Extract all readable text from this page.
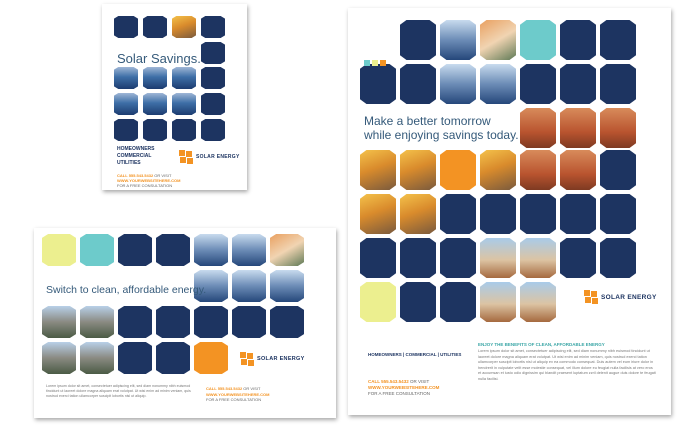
Solar Savings.
HOMEOWNERS
COMMERCIAL
UTILITIES
SOLAR ENERGY
CALL 555.543.5432 OR VISIT
WWW.YOURWEBSITEHERE.COM
FOR A FREE CONSULTATION
Switch to clean, affordable energy.
SOLAR ENERGY
Lorem ipsum dolor sit amet, consectetuer adipiscing elit, sed diam nonummy nibh euismod tincidunt ut laoreet dolore magna aliquam erat volutpat. Ut wisi enim ad minim veniam, quis nostrud exerci tation ullamcorper suscipit lobortis nisl ut aliquip.
CALL 555.543.5432 OR VISIT
WWW.YOURWEBSITEHERE.COM
FOR A FREE CONSULTATION
Make a better tomorrow
while enjoying savings today.
SOLAR ENERGY
HOMEOWNERS | COMMERCIAL | UTILITIES
CALL 555.543.5432 OR VISIT
WWW.YOURWEBSITEHERE.COM
FOR A FREE CONSULTATION
ENJOY THE BENEFITS OF CLEAN, AFFORDABLE ENERGY
Lorem ipsum dolor sit amet, consectetuer adipiscing elit, sed diam nonummy nibh euismod tincidunt ut laoreet dolore magna aliquam erat volutpat. Ut wisi enim ad minim veniam, quis nostrud exerci tation ullamcorper suscipit lobortis nisl ut aliquip ex ea commodo consequat. Duis autem vel eum iriure dolor in hendrerit in vulputate velit esse molestie consequat, vel illum dolore eu feugiat nulla facilisis at vero eros et accumsan et iusto odio dignissim qui blandit praesent luptatum zzril delenit augue duis dolore te feugait nulla facilisi.
